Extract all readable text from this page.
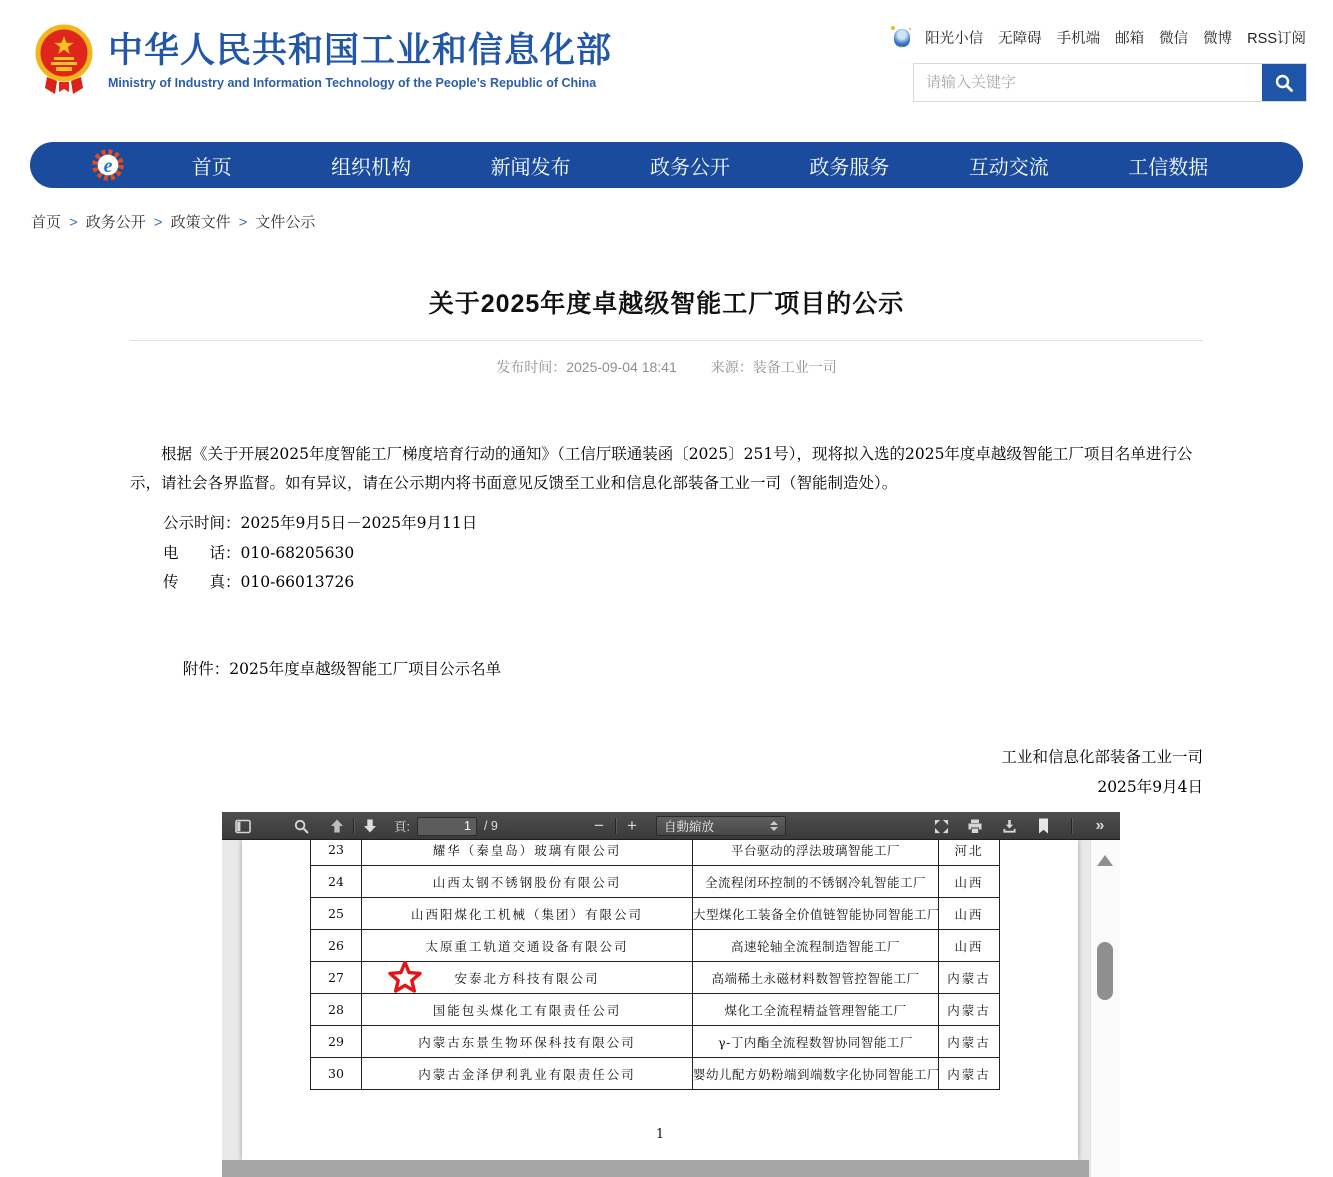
中华人民共和国工业和信息化部
Ministry of Industry and Information Technology of the People’s Republic of China
阳光小信 无障碍 手机端 邮箱 微信 微博 RSS订阅
请输入关键字
e	首页	组织机构	新闻发布	政务公开	政务服务	互动交流	工信数据
首页 > 政务公开 > 政策文件 > 文件公示
关于2025年度卓越级智能工厂项目的公示
发布时间：2025-09-04 18:41 来源：装备工业一司

根据《关于开展2025年度智能工厂梯度培育行动的通知》（工信厅联通装函〔2025〕251号），现将拟入选的2025年度卓越级智能工厂项目名单进行公示，请社会各界监督。如有异议，请在公示期内将书面意见反馈至工业和信息化部装备工业一司（智能制造处）。

公示时间：2025年9月5日－2025年9月11日
电　　话：010-68205630
传　　真：010-66013726

附件：2025年度卓越级智能工厂项目公示名单

工业和信息化部装备工业一司
2025年9月4日
頁:
1	/ 9	−	+	自動縮放	»
23	耀华（秦皇岛）玻璃有限公司	平台驱动的浮法玻璃智能工厂	河北
24	山西太钢不锈钢股份有限公司	全流程闭环控制的不锈钢冷轧智能工厂	山西
25	山西阳煤化工机械（集团）有限公司	大型煤化工装备全价值链智能协同智能工厂	山西
26	太原重工轨道交通设备有限公司	高速轮轴全流程制造智能工厂	山西
27	安泰北方科技有限公司	高端稀土永磁材料数智管控智能工厂	内蒙古
28	国能包头煤化工有限责任公司	煤化工全流程精益管理智能工厂	内蒙古
29	内蒙古东景生物环保科技有限公司	γ-丁内酯全流程数智协同智能工厂	内蒙古
30	内蒙古金泽伊利乳业有限责任公司	婴幼儿配方奶粉端到端数字化协同智能工厂	内蒙古
1
